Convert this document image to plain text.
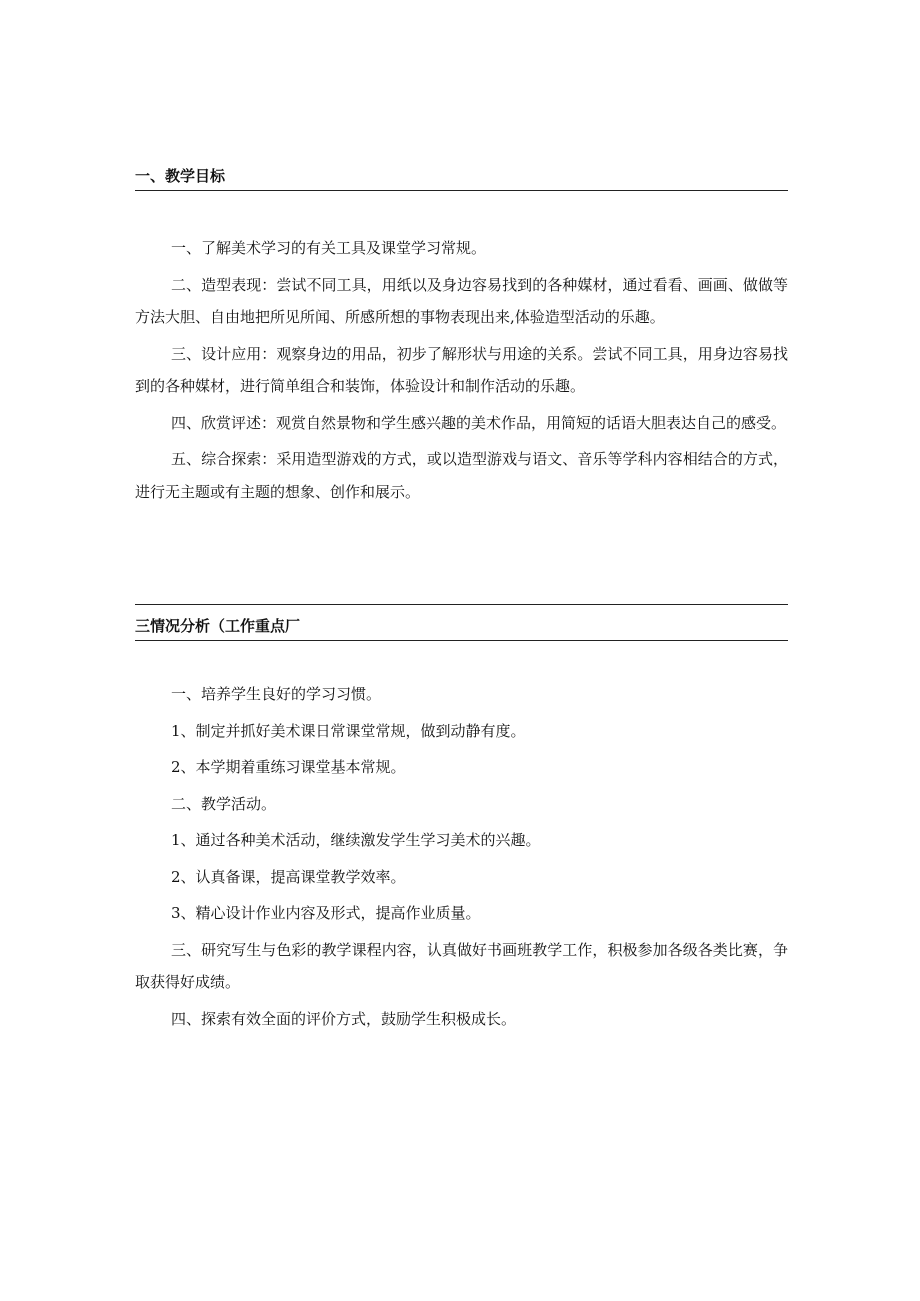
一、教学目标

一、了解美术学习的有关工具及课堂学习常规。

二、造型表现：尝试不同工具，用纸以及身边容易找到的各种媒材，通过看看、画画、做做等方法大胆、自由地把所见所闻、所感所想的事物表现出来,体验造型活动的乐趣。

三、设计应用：观察身边的用品，初步了解形状与用途的关系。尝试不同工具，用身边容易找到的各种媒材，进行简单组合和装饰，体验设计和制作活动的乐趣。

四、欣赏评述：观赏自然景物和学生感兴趣的美术作品，用简短的话语大胆表达自己的感受。

五、综合探索：采用造型游戏的方式，或以造型游戏与语文、音乐等学科内容相结合的方式，进行无主题或有主题的想象、创作和展示。

三情况分析（工作重点厂

一、培养学生良好的学习习惯。

1、制定并抓好美术课日常课堂常规，做到动静有度。

2、本学期着重练习课堂基本常规。

二、教学活动。

1、通过各种美术活动，继续激发学生学习美术的兴趣。

2、认真备课，提高课堂教学效率。

3、精心设计作业内容及形式，提高作业质量。

三、研究写生与色彩的教学课程内容，认真做好书画班教学工作，积极参加各级各类比赛，争取获得好成绩。

四、探索有效全面的评价方式，鼓励学生积极成长。
